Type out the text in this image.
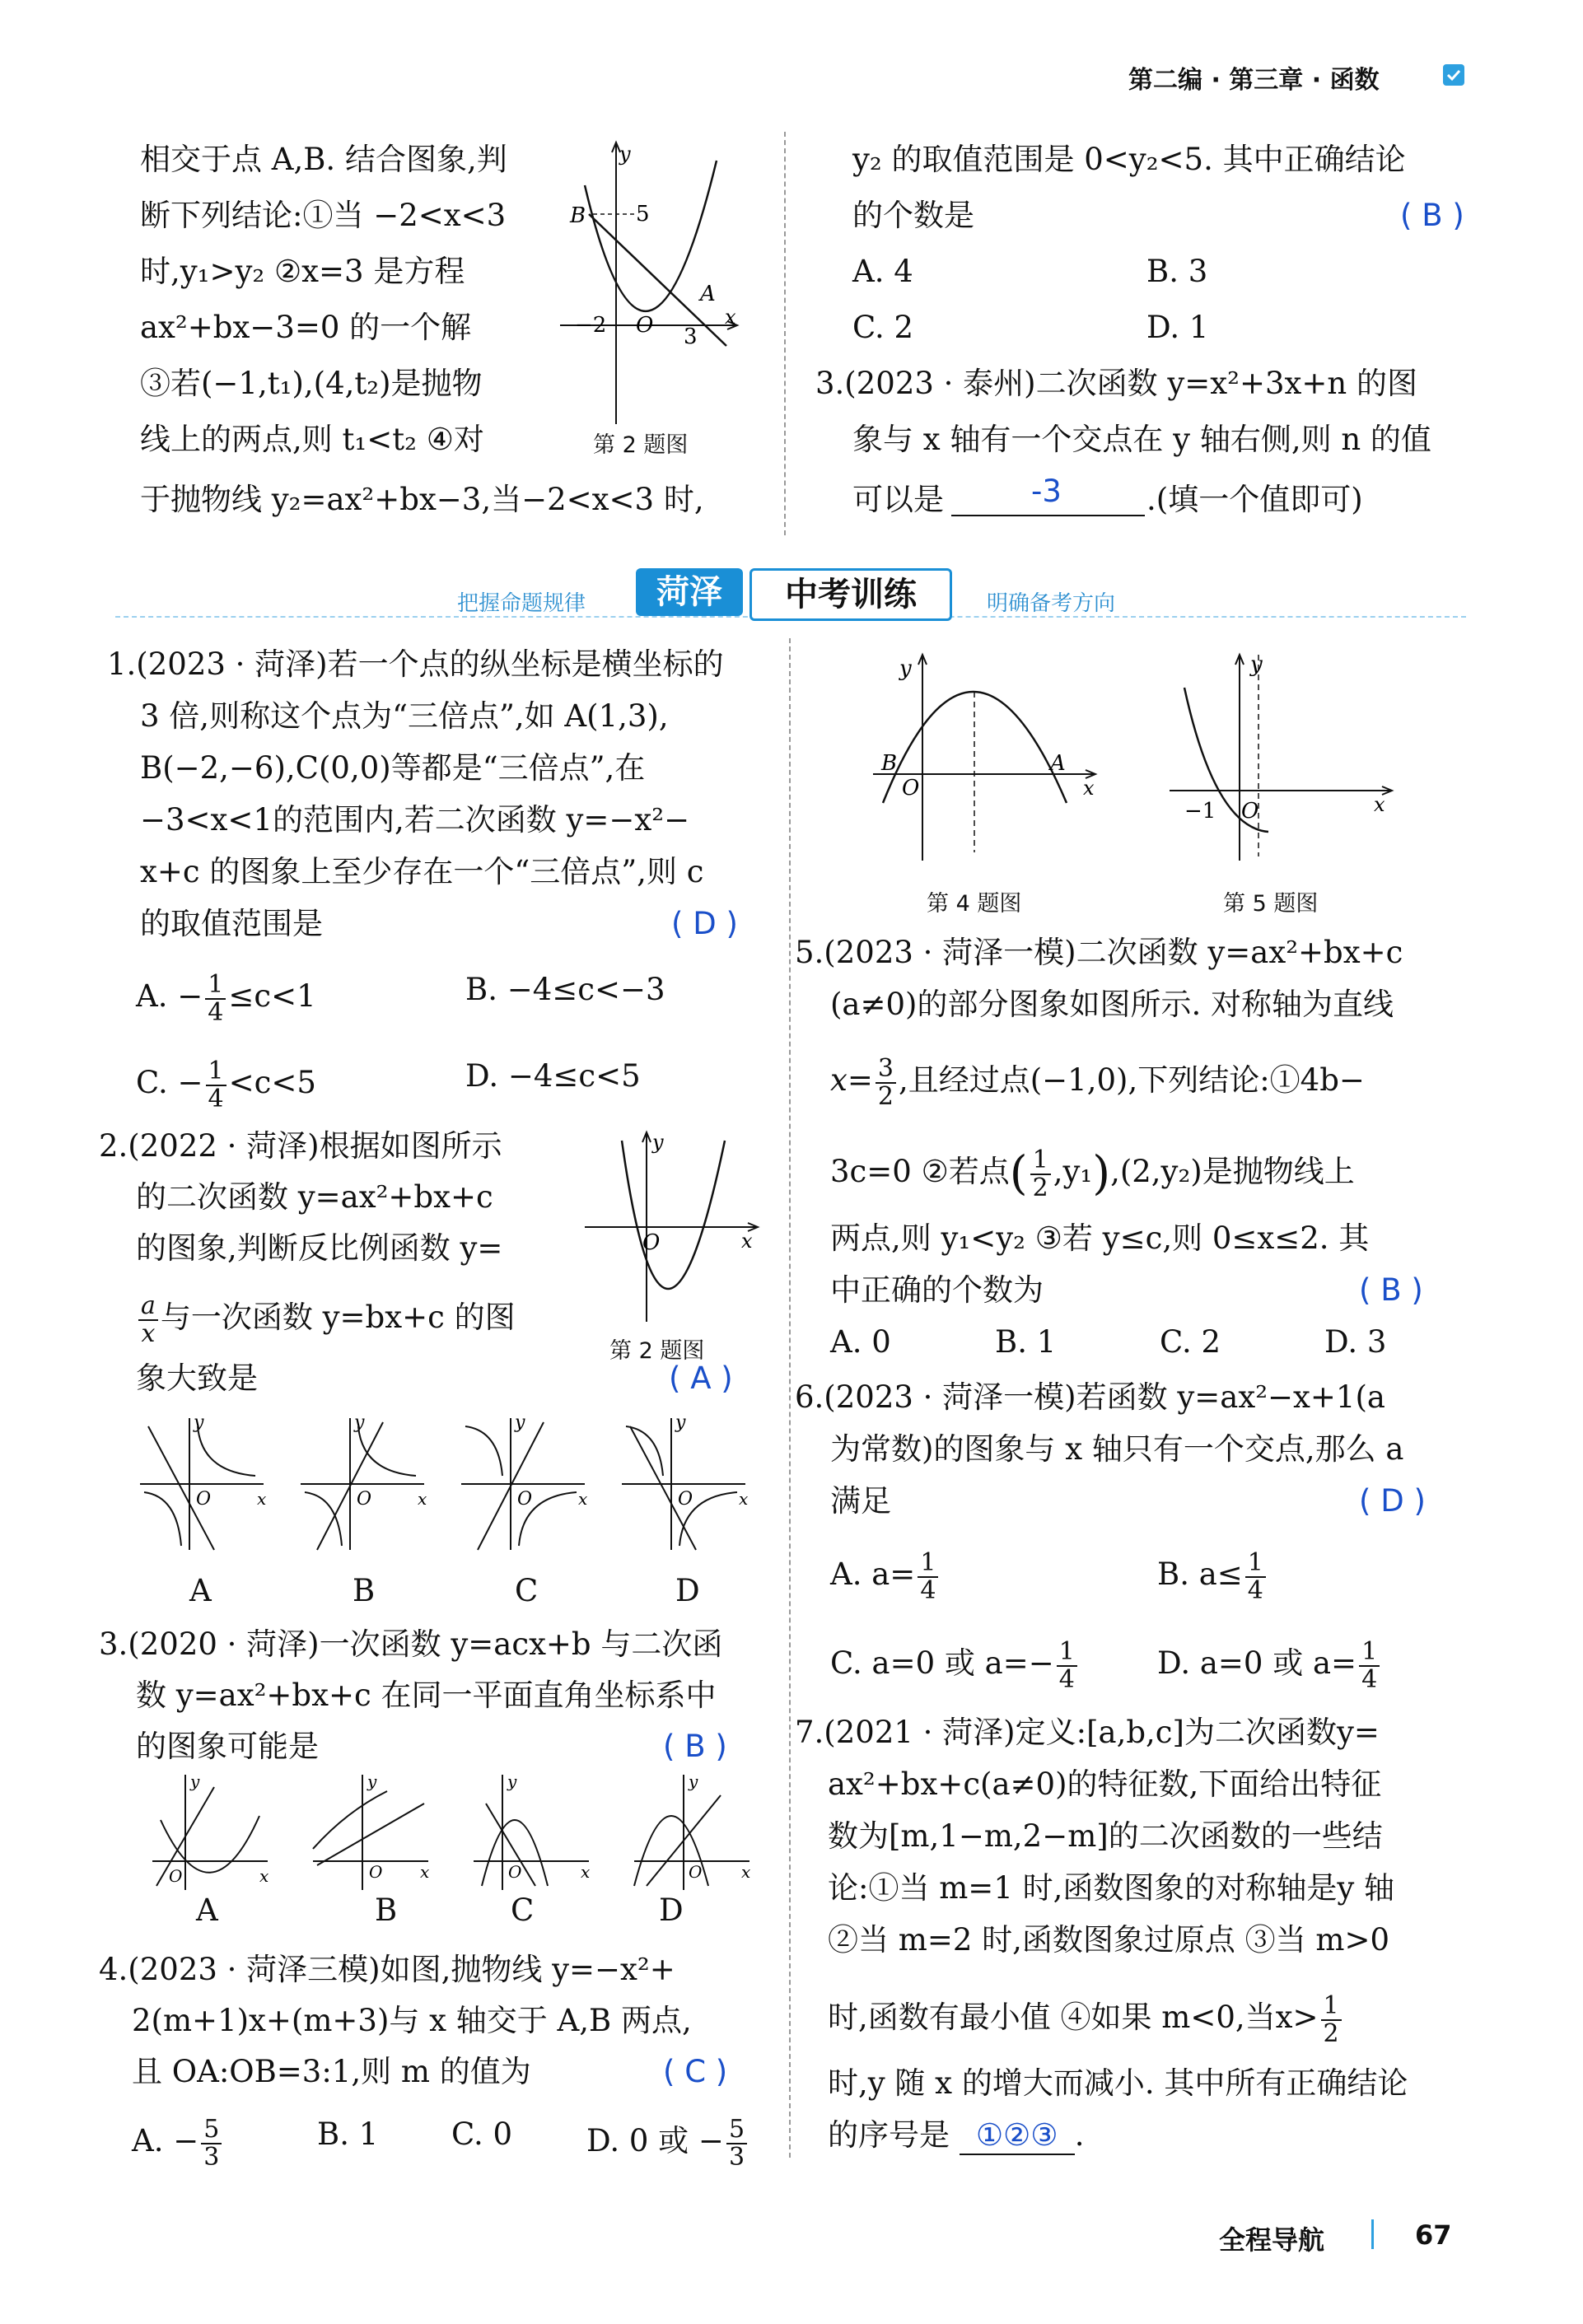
第二编 · 第三章 · 函数
相交于点 A,B. 结合图象,判
断下列结论:①当 −2<x<3
时,y₁>y₂ ②x=3 是方程
ax²+bx−3=0 的一个解
③若(−1,t₁),(4,t₂)是抛物
线上的两点,则 t₁<t₂ ④对
于抛物线 y₂=ax²+bx−3,当−2<x<3 时,
y
5
B
A
−2 O 3
x
第 2 题图
y₂ 的取值范围是 0<y₂<5. 其中正确结论
的个数是	( B )
A. 4	B. 3
C. 2	D. 1
3.(2023 · 泰州)二次函数 y=x²+3x+n 的图
象与 x 轴有一个交点在 y 轴右侧,则 n 的值
可以是	-3	.(填一个值即可)
把握命题规律	菏泽	中考训练	明确备考方向
1.(2023 · 菏泽)若一个点的纵坐标是横坐标的
3 倍,则称这个点为“三倍点”,如 A(1,3),
B(−2,−6),C(0,0)等都是“三倍点”,在
−3<x<1的范围内,若二次函数 y=−x²−
x+c 的图象上至少存在一个“三倍点”,则 c
的取值范围是	( D )
A. − $\frac{1}{4} \le c<1$	B. −4≤c<−3
C. − $\frac{1}{4} <c<5$	D. −4≤c<5
2.(2022 · 菏泽)根据如图所示
的二次函数 y=ax²+bx+c
的图象,判断反比例函数 y=
$\frac{a}{x}$ 与一次函数 y=bx+c 的图
象大致是	( A )
y
O	x
第 2 题图
y
O	x
y
O	x
y
O	x
y
O	x
A	B	C	D
3.(2020 · 菏泽)一次函数 y=acx+b 与二次函
数 y=ax²+bx+c 在同一平面直角坐标系中
的图象可能是	( B )
y
O	x
y
O x
y
O	x
y
O x
A	B	C	D
4.(2023 · 菏泽三模)如图,抛物线 y=−x²+
2(m+1)x+(m+3)与 x 轴交于 A,B 两点,
且 OA:OB=3:1,则 m 的值为	( C )
A. − $\frac{5}{3}$	B. 1 C. 0 D. 0 或 − $\frac{5}{3}$
y
B
O
A
x
第 4 题图
y
−1 O	x
第 5 题图
5.(2023 · 菏泽一模)二次函数 y=ax²+bx+c
(a≠0)的部分图象如图所示. 对称轴为直线
$x= \frac{3}{2}$ ,且经过点(−1,0),下列结论:①4b−
3c=0 ②若点( $\frac{1}{2} ,y_1),(2,y_2)$是抛物线上
两点,则 y₁<y₂ ③若 y≤c,则 0≤x≤2. 其
中正确的个数为	( B )
A. 0	B. 1	C. 2	D. 3
6.(2023 · 菏泽一模)若函数 y=ax²−x+1(a
为常数)的图象与 x 轴只有一个交点,那么 a
满足	( D )
A. $a= \frac{1}{4}$	B. $a\le \frac{1}{4}$
C. a=0 或 $a=- \frac{1}{4}$	D. a=0 或 $a= \frac{1}{4}$
7.(2021 · 菏泽)定义:[a,b,c]为二次函数y=
ax²+bx+c(a≠0)的特征数,下面给出特征
数为[m,1−m,2−m]的二次函数的一些结
论:①当 m=1 时,函数图象的对称轴是y 轴
②当 m=2 时,函数图象过原点 ③当 m>0
时,函数有最小值 ④如果 m<0,当$x> \frac{1}{2}$
时,y 随 x 的增大而减小. 其中所有正确结论
的序号是 ①②③ .
全程导航	67
